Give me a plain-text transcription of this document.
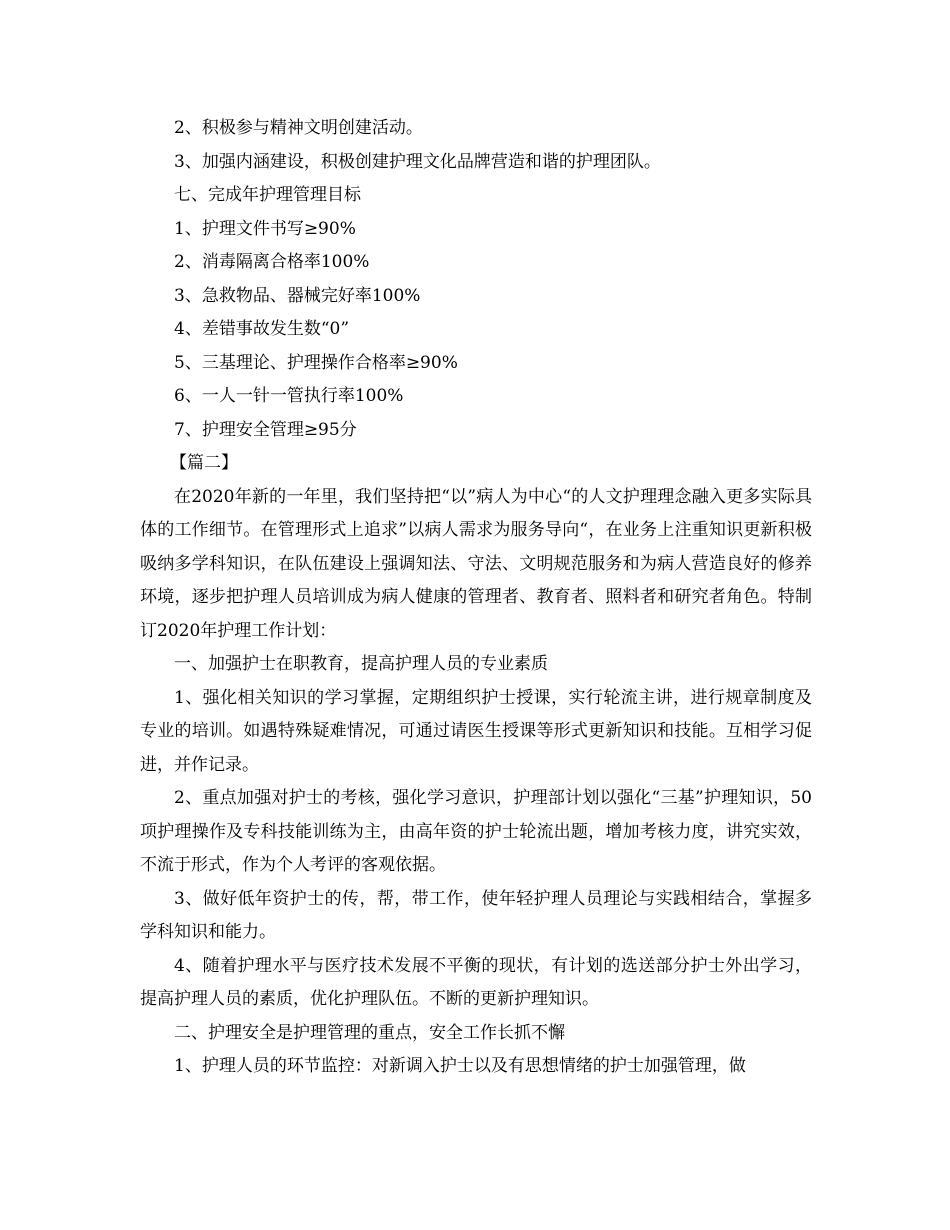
2、积极参与精神文明创建活动。

3、加强内涵建设，积极创建护理文化品牌营造和谐的护理团队。

七、完成年护理管理目标

1、护理文件书写≥90%

2、消毒隔离合格率100%

3、急救物品、器械完好率100%

4、差错事故发生数“0”

5、三基理论、护理操作合格率≥90%

6、一人一针一管执行率100%

7、护理安全管理≥95分

【篇二】

在2020年新的一年里，我们坚持把“以”病人为中心“的人文护理理念融入更多实际具体的工作细节。在管理形式上追求”以病人需求为服务导向“，在业务上注重知识更新积极吸纳多学科知识，在队伍建设上强调知法、守法、文明规范服务和为病人营造良好的修养环境，逐步把护理人员培训成为病人健康的管理者、教育者、照料者和研究者角色。特制订2020年护理工作计划：

一、加强护士在职教育，提高护理人员的专业素质

1、强化相关知识的学习掌握，定期组织护士授课，实行轮流主讲，进行规章制度及专业的培训。如遇特殊疑难情况，可通过请医生授课等形式更新知识和技能。互相学习促进，并作记录。

2、重点加强对护士的考核，强化学习意识，护理部计划以强化“三基”护理知识，50项护理操作及专科技能训练为主，由高年资的护士轮流出题，增加考核力度，讲究实效，不流于形式，作为个人考评的客观依据。

3、做好低年资护士的传，帮，带工作，使年轻护理人员理论与实践相结合，掌握多学科知识和能力。

4、随着护理水平与医疗技术发展不平衡的现状，有计划的选送部分护士外出学习，提高护理人员的素质，优化护理队伍。不断的更新护理知识。

二、护理安全是护理管理的重点，安全工作长抓不懈

1、护理人员的环节监控：对新调入护士以及有思想情绪的护士加强管理，做
